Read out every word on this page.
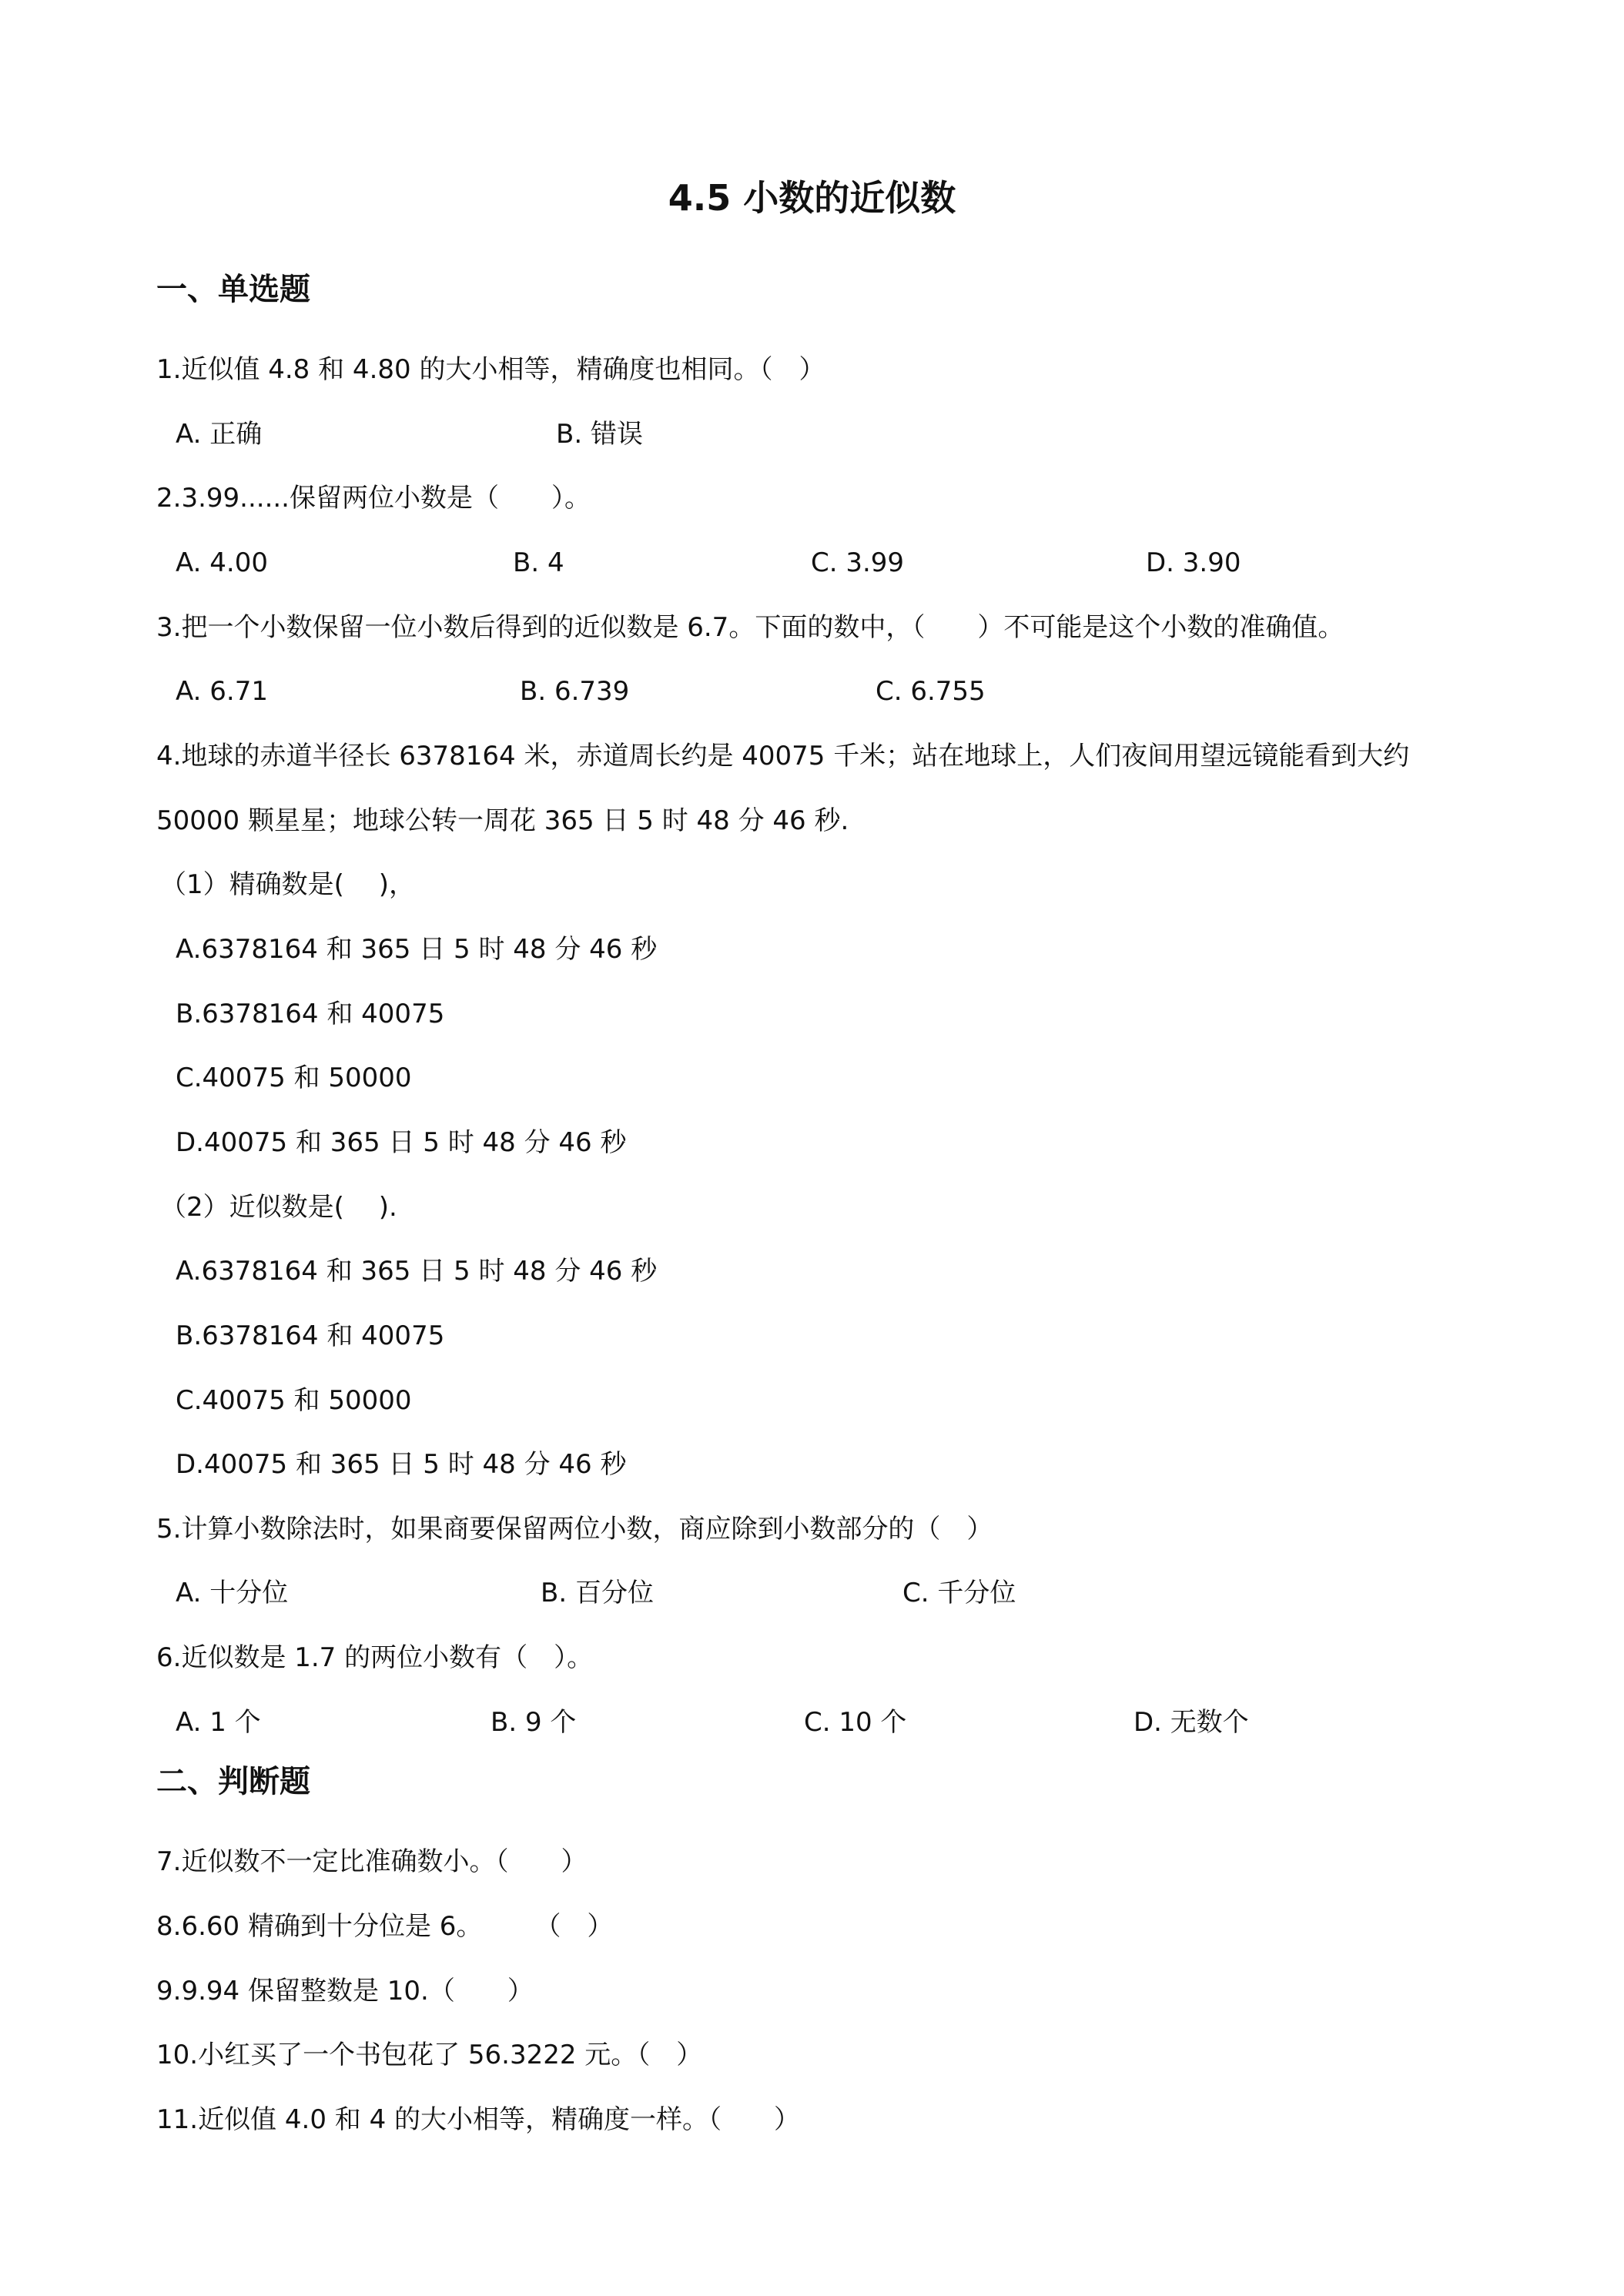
4.5 小数的近似数
一、单选题
1.近似值 4.8 和 4.80 的大小相等，精确度也相同。（　）
A. 正确	B. 错误
2.3.99......保留两位小数是（　　）。
A. 4.00	B. 4	C. 3.99	D. 3.90
3.把一个小数保留一位小数后得到的近似数是 6.7。下面的数中，（　　）不可能是这个小数的准确值。
A. 6.71	B. 6.739	C. 6.755
4.地球的赤道半径长 6378164 米，赤道周长约是 40075 千米；站在地球上，人们夜间用望远镜能看到大约
50000 颗星星；地球公转一周花 365 日 5 时 48 分 46 秒.
（1）精确数是(　 )，
A.6378164 和 365 日 5 时 48 分 46 秒
B.6378164 和 40075
C.40075 和 50000
D.40075 和 365 日 5 时 48 分 46 秒
（2）近似数是(　 ).
A.6378164 和 365 日 5 时 48 分 46 秒
B.6378164 和 40075
C.40075 和 50000
D.40075 和 365 日 5 时 48 分 46 秒
5.计算小数除法时，如果商要保留两位小数，商应除到小数部分的（　）
A. 十分位	B. 百分位	C. 千分位
6.近似数是 1.7 的两位小数有（　）。
A. 1 个	B. 9 个	C. 10 个	D. 无数个
二、判断题
7.近似数不一定比准确数小。（　　）
8.6.60 精确到十分位是 6。　　　（　）
9.9.94 保留整数是 10.（　　）
10.小红买了一个书包花了 56.3222 元。（　）
11.近似值 4.0 和 4 的大小相等，精确度一样。（　　）
